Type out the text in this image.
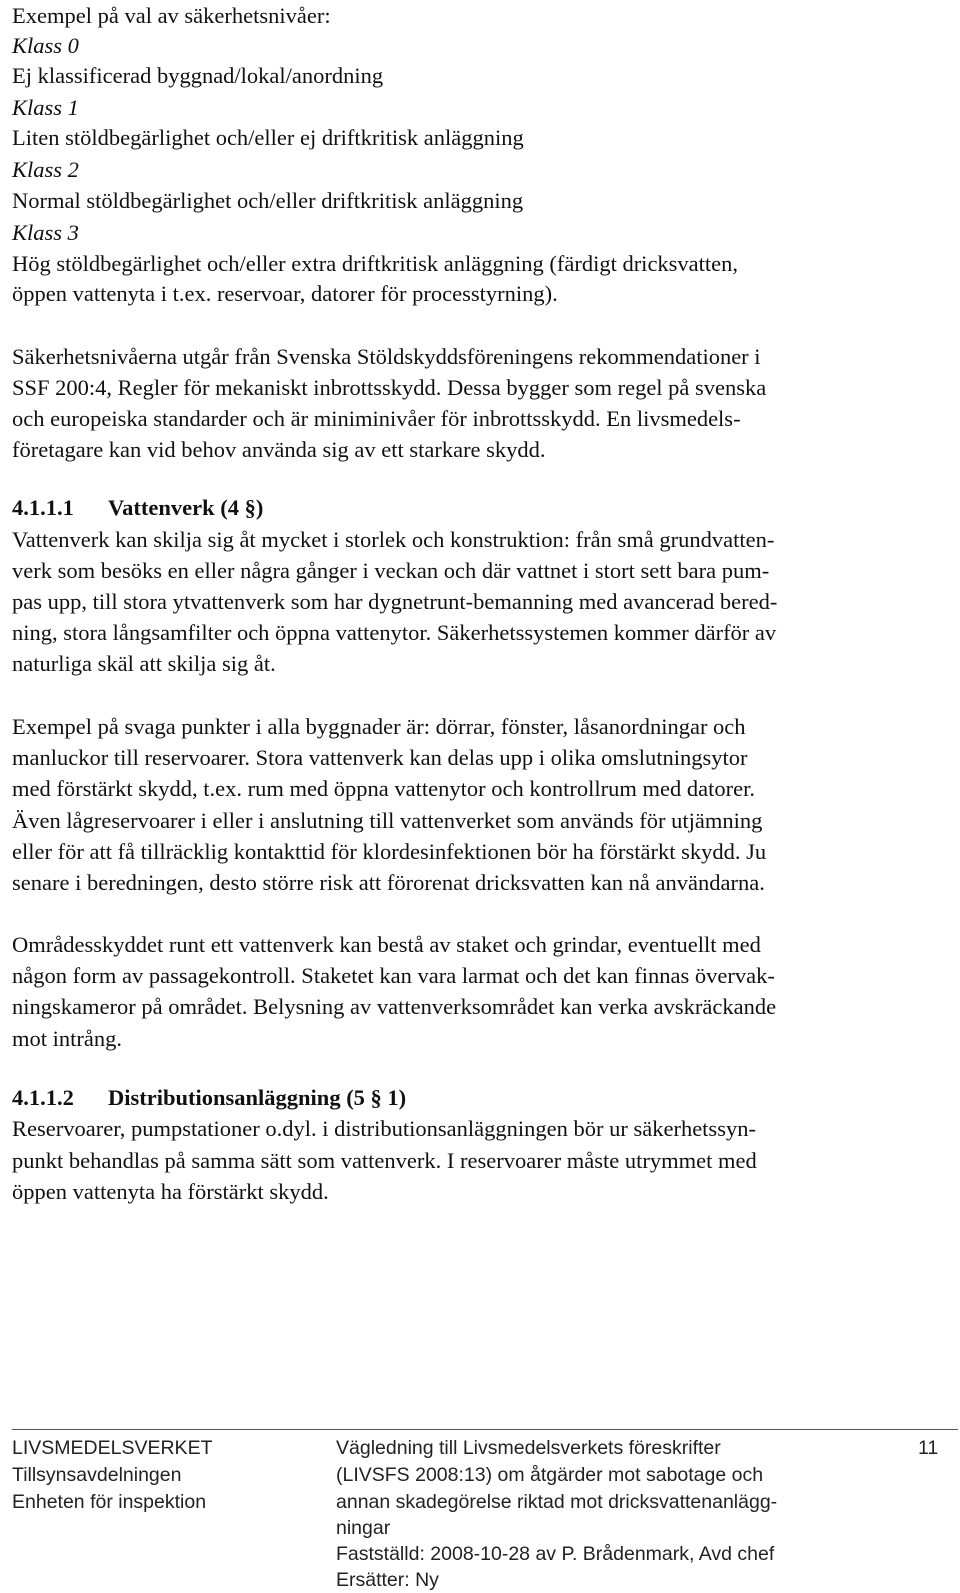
Exempel på val av säkerhetsnivåer:
Klass 0
Ej klassificerad byggnad/lokal/anordning
Klass 1
Liten stöldbegärlighet och/eller ej driftkritisk anläggning
Klass 2
Normal stöldbegärlighet och/eller driftkritisk anläggning
Klass 3
Hög stöldbegärlighet och/eller extra driftkritisk anläggning (färdigt dricksvatten,
öppen vattenyta i t.ex. reservoar, datorer för processtyrning).
Säkerhetsnivåerna utgår från Svenska Stöldskyddsföreningens rekommendationer i
SSF 200:4, Regler för mekaniskt inbrottsskydd. Dessa bygger som regel på svenska
och europeiska standarder och är miniminivåer för inbrottsskydd. En livsmedels-
företagare kan vid behov använda sig av ett starkare skydd.
4.1.1.1 Vattenverk (4 §)
Vattenverk kan skilja sig åt mycket i storlek och konstruktion: från små grundvatten-
verk som besöks en eller några gånger i veckan och där vattnet i stort sett bara pum-
pas upp, till stora ytvattenverk som har dygnetrunt-bemanning med avancerad bered-
ning, stora långsamfilter och öppna vattenytor. Säkerhetssystemen kommer därför av
naturliga skäl att skilja sig åt.
Exempel på svaga punkter i alla byggnader är: dörrar, fönster, låsanordningar och
manluckor till reservoarer. Stora vattenverk kan delas upp i olika omslutningsytor
med förstärkt skydd, t.ex. rum med öppna vattenytor och kontrollrum med datorer.
Även lågreservoarer i eller i anslutning till vattenverket som används för utjämning
eller för att få tillräcklig kontakttid för klordesinfektionen bör ha förstärkt skydd. Ju
senare i beredningen, desto större risk att förorenat dricksvatten kan nå användarna.
Områdesskyddet runt ett vattenverk kan bestå av staket och grindar, eventuellt med
någon form av passagekontroll. Staketet kan vara larmat och det kan finnas övervak-
ningskameror på området. Belysning av vattenverksområdet kan verka avskräckande
mot intrång.
4.1.1.2 Distributionsanläggning (5 § 1)
Reservoarer, pumpstationer o.dyl. i distributionsanläggningen bör ur säkerhetssyn-
punkt behandlas på samma sätt som vattenverk. I reservoarer måste utrymmet med
öppen vattenyta ha förstärkt skydd.
LIVSMEDELSVERKET
Tillsynsavdelningen
Enheten för inspektion
Vägledning till Livsmedelsverkets föreskrifter
(LIVSFS 2008:13) om åtgärder mot sabotage och
annan skadegörelse riktad mot dricksvattenanlägg-
ningar
Fastställd: 2008-10-28 av P. Brådenmark, Avd chef
Ersätter: Ny
11
